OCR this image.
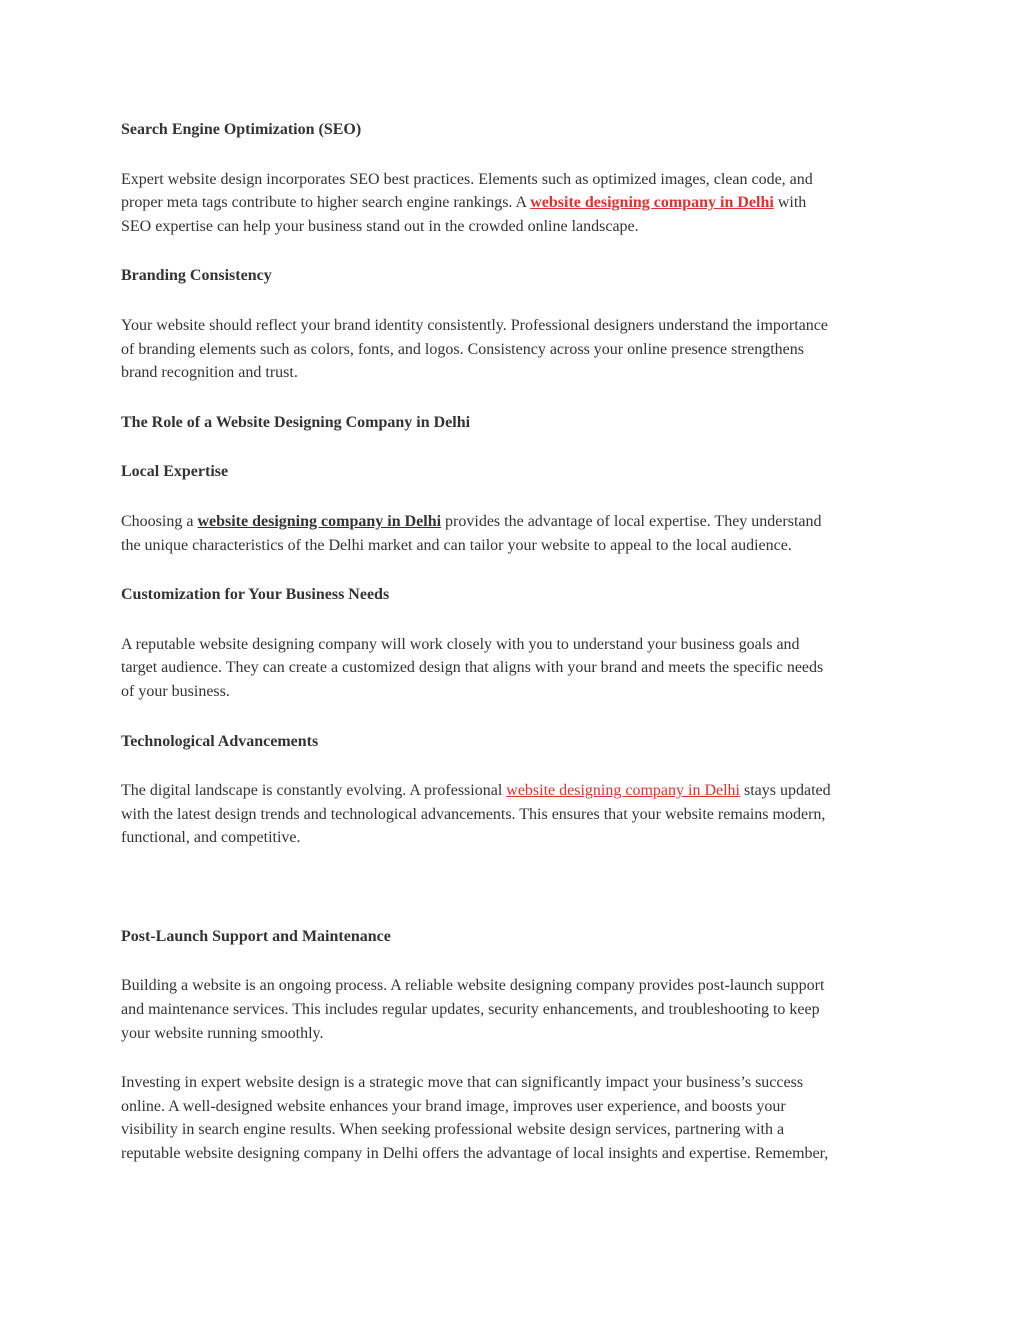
Search Engine Optimization (SEO)
Expert website design incorporates SEO best practices. Elements such as optimized images, clean code, and
proper meta tags contribute to higher search engine rankings. A website designing company in Delhi with
SEO expertise can help your business stand out in the crowded online landscape.
Branding Consistency
Your website should reflect your brand identity consistently. Professional designers understand the importance
of branding elements such as colors, fonts, and logos. Consistency across your online presence strengthens
brand recognition and trust.
The Role of a Website Designing Company in Delhi
Local Expertise
Choosing a website designing company in Delhi provides the advantage of local expertise. They understand
the unique characteristics of the Delhi market and can tailor your website to appeal to the local audience.
Customization for Your Business Needs
A reputable website designing company will work closely with you to understand your business goals and
target audience. They can create a customized design that aligns with your brand and meets the specific needs
of your business.
Technological Advancements
The digital landscape is constantly evolving. A professional website designing company in Delhi stays updated
with the latest design trends and technological advancements. This ensures that your website remains modern,
functional, and competitive.
Post-Launch Support and Maintenance
Building a website is an ongoing process. A reliable website designing company provides post-launch support
and maintenance services. This includes regular updates, security enhancements, and troubleshooting to keep
your website running smoothly.
Investing in expert website design is a strategic move that can significantly impact your business’s success
online. A well-designed website enhances your brand image, improves user experience, and boosts your
visibility in search engine results. When seeking professional website design services, partnering with a
reputable website designing company in Delhi offers the advantage of local insights and expertise. Remember,
